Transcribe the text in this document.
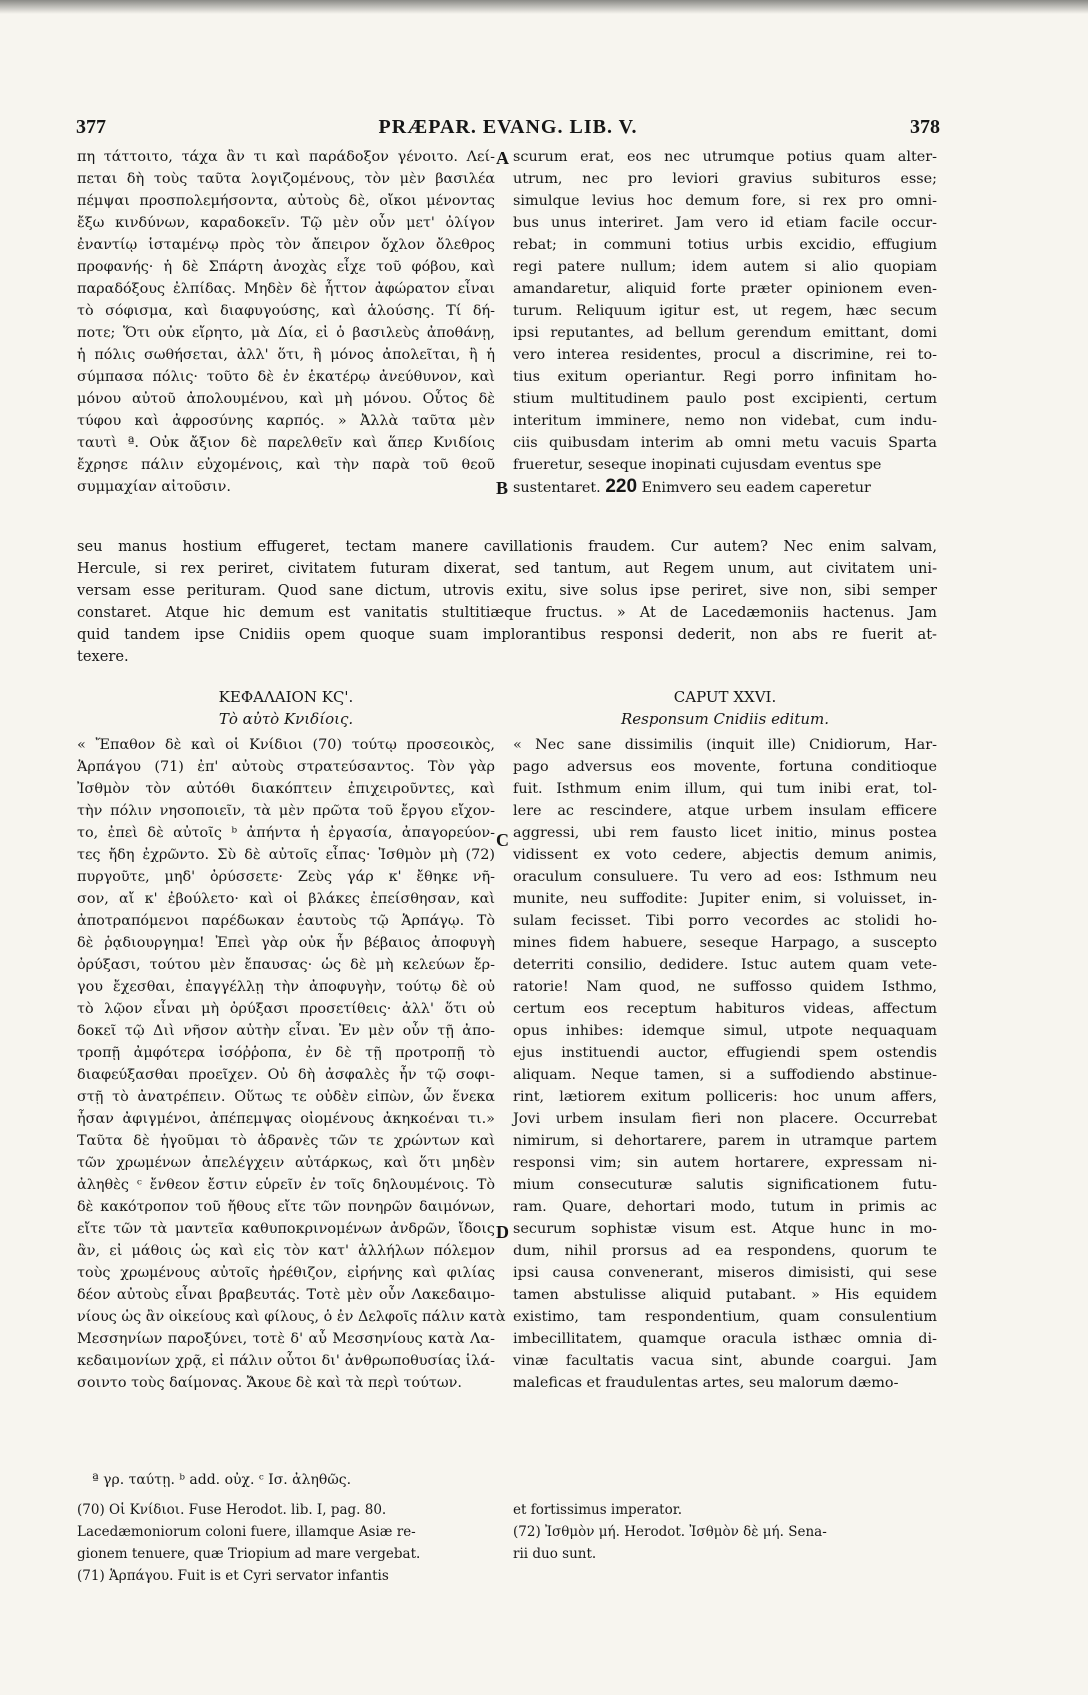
377	PRÆPAR. EVANG. LIB. V.	378
πη τάττοιτο, τάχα ἂν τι καὶ παράδοξον γένοιτο. Λεί-
πεται δὴ τοὺς ταῦτα λογιζομένους, τὸν μὲν βασιλέα
πέμψαι προσπολεμήσοντα, αὐτοὺς δὲ, οἴκοι μένοντας
ἔξω κινδύνων, καραδοκεῖν. Τῷ μὲν οὖν μετ' ὀλίγον
ἐναντίῳ ἱσταμένῳ πρὸς τὸν ἄπειρον ὄχλον ὄλεθρος
προφανής· ἡ δὲ Σπάρτη ἀνοχὰς εἶχε τοῦ φόβου, καὶ
παραδόξους ἐλπίδας. Μηδὲν δὲ ἧττον ἀφώρατον εἶναι
τὸ σόφισμα, καὶ διαφυγούσης, καὶ ἁλούσης. Τί δή-
ποτε; Ὅτι οὐκ εἴρητο, μὰ Δία, εἰ ὁ βασιλεὺς ἀποθάνῃ,
ἡ πόλις σωθήσεται, ἀλλ' ὅτι, ἢ μόνος ἀπολεῖται, ἢ ἡ
σύμπασα πόλις· τοῦτο δὲ ἐν ἑκατέρῳ ἀνεύθυνον, καὶ
μόνου αὐτοῦ ἀπολουμένου, καὶ μὴ μόνου. Οὗτος δὲ
τύφου καὶ ἀφροσύνης καρπός. » Ἀλλὰ ταῦτα μὲν
ταυτὶ ª. Οὐκ ἄξιον δὲ παρελθεῖν καὶ ἅπερ Κνιδίοις
ἔχρησε πάλιν εὐχομένοις, καὶ τὴν παρὰ τοῦ θεοῦ
συμμαχίαν αἰτοῦσιν.
scurum erat, eos nec utrumque potius quam alter-
utrum, nec pro leviori gravius subituros esse;
simulque levius hoc demum fore, si rex pro omni-
bus unus interiret. Jam vero id etiam facile occur-
rebat; in communi totius urbis excidio, effugium
regi patere nullum; idem autem si alio quopiam
amandaretur, aliquid forte præter opinionem even-
turum. Reliquum igitur est, ut regem, hæc secum
ipsi reputantes, ad bellum gerendum emittant, domi
vero interea residentes, procul a discrimine, rei to-
tius exitum operiantur. Regi porro infinitam ho-
stium multitudinem paulo post excipienti, certum
interitum imminere, nemo non videbat, cum indu-
ciis quibusdam interim ab omni metu vacuis Sparta
frueretur, seseque inopinati cujusdam eventus spe
sustentaret. 220 Enimvero seu eadem caperetur
A
B
C
D
seu manus hostium effugeret, tectam manere cavillationis fraudem. Cur autem? Nec enim salvam,
Hercule, si rex periret, civitatem futuram dixerat, sed tantum, aut Regem unum, aut civitatem uni-
versam esse perituram. Quod sane dictum, utrovis exitu, sive solus ipse periret, sive non, sibi semper
constaret. Atque hic demum est vanitatis stultitiæque fructus. » At de Lacedæmoniis hactenus. Jam
quid tandem ipse Cnidiis opem quoque suam implorantibus responsi dederit, non abs re fuerit at-
texere.
ΚΕΦΑΛΑΙΟΝ ΚϚ'.
Τὸ αὐτὸ Κνιδίοις.
CAPUT XXVI.
Responsum Cnidiis editum.
« Ἔπαθον δὲ καὶ οἱ Κνίδιοι (70) τούτῳ προσεοικὸς,
Ἁρπάγου (71) ἐπ' αὐτοὺς στρατεύσαντος. Τὸν γὰρ
Ἰσθμὸν τὸν αὐτόθι διακόπτειν ἐπιχειροῦντες, καὶ
τὴν πόλιν νησοποιεῖν, τὰ μὲν πρῶτα τοῦ ἔργου εἴχον-
το, ἐπεὶ δὲ αὐτοῖς ᵇ ἀπήντα ἡ ἐργασία, ἀπαγορεύον-
τες ἤδη ἐχρῶντο. Σὺ δὲ αὐτοῖς εἶπας· Ἰσθμὸν μὴ (72)
πυργοῦτε, μηδ' ὀρύσσετε· Ζεὺς γάρ κ' ἔθηκε νῆ-
σον, αἴ κ' ἐβούλετο· καὶ οἱ βλάκες ἐπείσθησαν, καὶ
ἀποτραπόμενοι παρέδωκαν ἑαυτοὺς τῷ Ἁρπάγῳ. Τὸ
δὲ ῥᾳδιουργημα! Ἐπεὶ γὰρ οὐκ ἦν βέβαιος ἀποφυγὴ
ὀρύξασι, τούτου μὲν ἔπαυσας· ὡς δὲ μὴ κελεύων ἔρ-
γου ἔχεσθαι, ἐπαγγέλλῃ τὴν ἀποφυγὴν, τούτῳ δὲ οὐ
τὸ λῷον εἶναι μὴ ὀρύξασι προσετίθεις· ἀλλ' ὅτι οὐ
δοκεῖ τῷ Διὶ νῆσον αὐτὴν εἶναι. Ἐν μὲν οὖν τῇ ἀπο-
τροπῇ ἀμφότερα ἰσόῤῥοπα, ἐν δὲ τῇ προτροπῇ τὸ
διαφεύξασθαι προεῖχεν. Οὐ δὴ ἀσφαλὲς ἦν τῷ σοφι-
στῇ τὸ ἀνατρέπειν. Οὕτως τε οὐδὲν εἰπὼν, ὧν ἕνεκα
ἧσαν ἀφιγμένοι, ἀπέπεμψας οἰομένους ἀκηκοέναι τι.»
Ταῦτα δὲ ἡγοῦμαι τὸ ἀδρανὲς τῶν τε χρώντων καὶ
τῶν χρωμένων ἀπελέγχειν αὐτάρκως, καὶ ὅτι μηδὲν
ἀληθὲς ᶜ ἔνθεον ἔστιν εὑρεῖν ἐν τοῖς δηλουμένοις. Τὸ
δὲ κακότροπον τοῦ ἤθους εἴτε τῶν πονηρῶν δαιμόνων,
εἴτε τῶν τὰ μαντεῖα καθυποκρινομένων ἀνδρῶν, ἴδοις
ἂν, εἰ μάθοις ὡς καὶ εἰς τὸν κατ' ἀλλήλων πόλεμον
τοὺς χρωμένους αὐτοῖς ἠρέθιζον, εἰρήνης καὶ φιλίας
δέον αὐτοὺς εἶναι βραβευτάς. Τοτὲ μὲν οὖν Λακεδαιμο-
νίους ὡς ἂν οἰκείους καὶ φίλους, ὁ ἐν Δελφοῖς πάλιν κατὰ
Μεσσηνίων παροξύνει, τοτὲ δ' αὖ Μεσσηνίους κατὰ Λα-
κεδαιμονίων χρᾷ, εἰ πάλιν οὗτοι δι' ἀνθρωποθυσίας ἱλά-
σοιντο τοὺς δαίμονας. Ἄκουε δὲ καὶ τὰ περὶ τούτων.
« Nec sane dissimilis (inquit ille) Cnidiorum, Har-
pago adversus eos movente, fortuna conditioque
fuit. Isthmum enim illum, qui tum inibi erat, tol-
lere ac rescindere, atque urbem insulam efficere
aggressi, ubi rem fausto licet initio, minus postea
vidissent ex voto cedere, abjectis demum animis,
oraculum consuluere. Tu vero ad eos: Isthmum neu
munite, neu suffodite: Jupiter enim, si voluisset, in-
sulam fecisset. Tibi porro vecordes ac stolidi ho-
mines fidem habuere, seseque Harpago, a suscepto
deterriti consilio, dedidere. Istuc autem quam vete-
ratorie! Nam quod, ne suffosso quidem Isthmo,
certum eos receptum habituros videas, affectum
opus inhibes: idemque simul, utpote nequaquam
ejus instituendi auctor, effugiendi spem ostendis
aliquam. Neque tamen, si a suffodiendo abstinue-
rint, lætiorem exitum polliceris: hoc unum affers,
Jovi urbem insulam fieri non placere. Occurrebat
nimirum, si dehortarere, parem in utramque partem
responsi vim; sin autem hortarere, expressam ni-
mium consecuturæ salutis significationem futu-
ram. Quare, dehortari modo, tutum in primis ac
securum sophistæ visum est. Atque hunc in mo-
dum, nihil prorsus ad ea respondens, quorum te
ipsi causa convenerant, miseros dimisisti, qui sese
tamen abstulisse aliquid putabant. » His equidem
existimo, tam respondentium, quam consulentium
imbecillitatem, quamque oracula isthæc omnia di-
vinæ facultatis vacua sint, abunde coargui. Jam
maleficas et fraudulentas artes, seu malorum dæmo-
ª γρ. ταύτῃ. ᵇ add. οὐχ. ᶜ Ισ. ἀληθῶς.
(70) Οἱ Κνίδιοι. Fuse Herodot. lib. I, pag. 80.
Lacedæmoniorum coloni fuere, illamque Asiæ re-
gionem tenuere, quæ Triopium ad mare vergebat.
(71) Ἁρπάγου. Fuit is et Cyri servator infantis
et fortissimus imperator.
(72) Ἰσθμὸν μή. Herodot. Ἰσθμὸν δὲ μή. Sena-
rii duo sunt.
